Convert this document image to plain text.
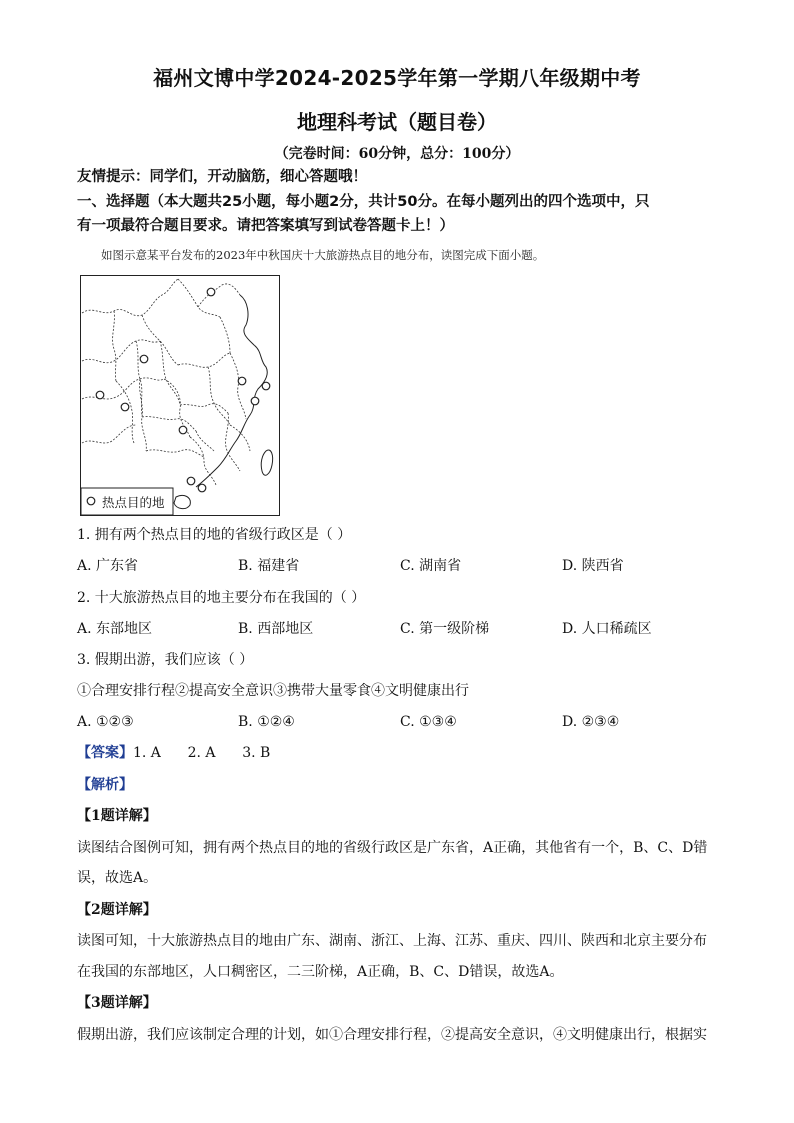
福州文博中学2024-2025学年第一学期八年级期中考
地理科考试（题目卷）
（完卷时间：60分钟，总分：100分）
友情提示：同学们，开动脑筋，细心答题哦！
一、选择题（本大题共25小题，每小题2分，共计50分。在每小题列出的四个选项中，只
有一项最符合题目要求。请把答案填写到试卷答题卡上！）
如图示意某平台发布的2023年中秋国庆十大旅游热点目的地分布，读图完成下面小题。
热点目的地
1. 拥有两个热点目的地的省级行政区是（ ）
A. 广东省	B. 福建省	C. 湖南省	D. 陕西省
2. 十大旅游热点目的地主要分布在我国的（ ）
A. 东部地区	B. 西部地区	C. 第一级阶梯	D. 人口稀疏区
3. 假期出游，我们应该（ ）
①合理安排行程②提高安全意识③携带大量零食④文明健康出行
A. ①②③	B. ①②④	C. ①③④	D. ②③④
【答案】1. A      2. A      3. B
【解析】
【1题详解】
读图结合图例可知，拥有两个热点目的地的省级行政区是广东省，A正确，其他省有一个，B、C、D错
误，故选A。
【2题详解】
读图可知，十大旅游热点目的地由广东、湖南、浙江、上海、江苏、重庆、四川、陕西和北京主要分布
在我国的东部地区，人口稠密区，二三阶梯，A正确，B、C、D错误，故选A。
【3题详解】
假期出游，我们应该制定合理的计划，如①合理安排行程，②提高安全意识，④文明健康出行，根据实
